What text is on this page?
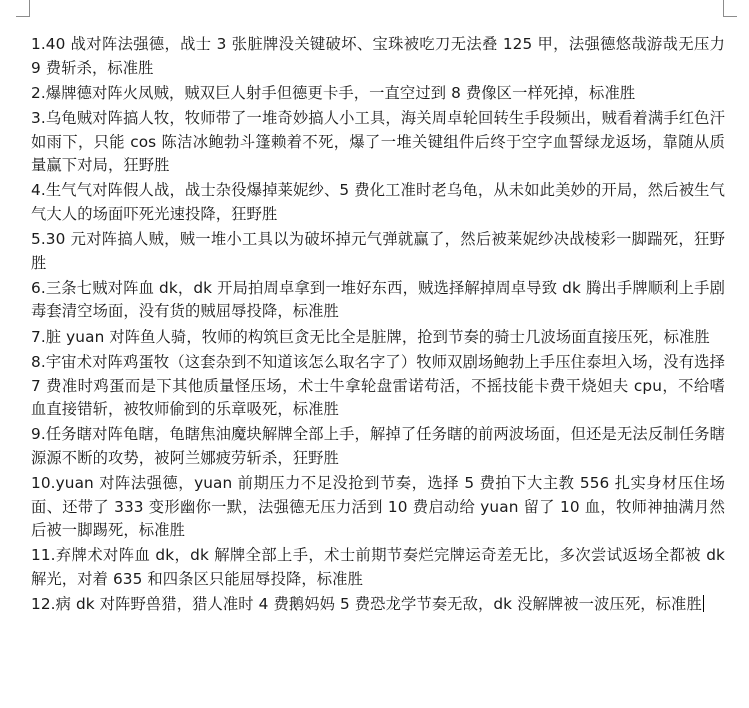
1.40 战对阵法强德，战士 3 张脏牌没关键破坏、宝珠被吃刀无法叠 125 甲，法强德悠哉游哉无压力 9 费斩杀，标准胜

2.爆牌德对阵火凤贼，贼双巨人射手但德更卡手，一直空过到 8 费像区一样死掉，标准胜

3.乌龟贼对阵搞人牧，牧师带了一堆奇妙搞人小工具，海关周卓轮回转生手段频出，贼看着满手红色汗如雨下，只能 cos 陈洁冰鲍勃斗篷赖着不死，爆了一堆关键组件后终于空字血誓绿龙返场，靠随从质量赢下对局，狂野胜

4.生气气对阵假人战，战士杂役爆掉莱妮纱、5 费化工准时老乌龟，从未如此美妙的开局，然后被生气气大人的场面吓死光速投降，狂野胜

5.30 元对阵搞人贼，贼一堆小工具以为破坏掉元气弹就赢了，然后被莱妮纱决战棱彩一脚踹死，狂野胜

6.三条七贼对阵血 dk，dk 开局拍周卓拿到一堆好东西，贼选择解掉周卓导致 dk 腾出手牌顺利上手剧毒套清空场面，没有货的贼屈辱投降，标准胜

7.脏 yuan 对阵鱼人骑，牧师的构筑巨贪无比全是脏牌，抢到节奏的骑士几波场面直接压死，标准胜

8.宇宙术对阵鸡蛋牧（这套杂到不知道该怎么取名字了）牧师双剧场鲍勃上手压住泰坦入场，没有选择 7 费准时鸡蛋而是下其他质量怪压场，术士牛拿轮盘雷诺苟活，不摇技能卡费干烧妲夫 cpu，不给嗜血直接错斩，被牧师偷到的乐章吸死，标准胜

9.任务瞎对阵龟瞎，龟瞎焦油魔块解牌全部上手，解掉了任务瞎的前两波场面，但还是无法反制任务瞎源源不断的攻势，被阿兰娜疲劳斩杀，狂野胜

10.yuan 对阵法强德，yuan 前期压力不足没抢到节奏，选择 5 费拍下大主教 556 扎实身材压住场面、还带了 333 变形幽你一默，法强德无压力活到 10 费启动给 yuan 留了 10 血，牧师神抽满月然后被一脚踢死，标准胜

11.弃牌术对阵血 dk，dk 解牌全部上手，术士前期节奏烂完牌运奇差无比，多次尝试返场全都被 dk 解光，对着 635 和四条区只能屈辱投降，标准胜

12.病 dk 对阵野兽猎，猎人准时 4 费鹅妈妈 5 费恐龙学节奏无敌，dk 没解牌被一波压死，标准胜
